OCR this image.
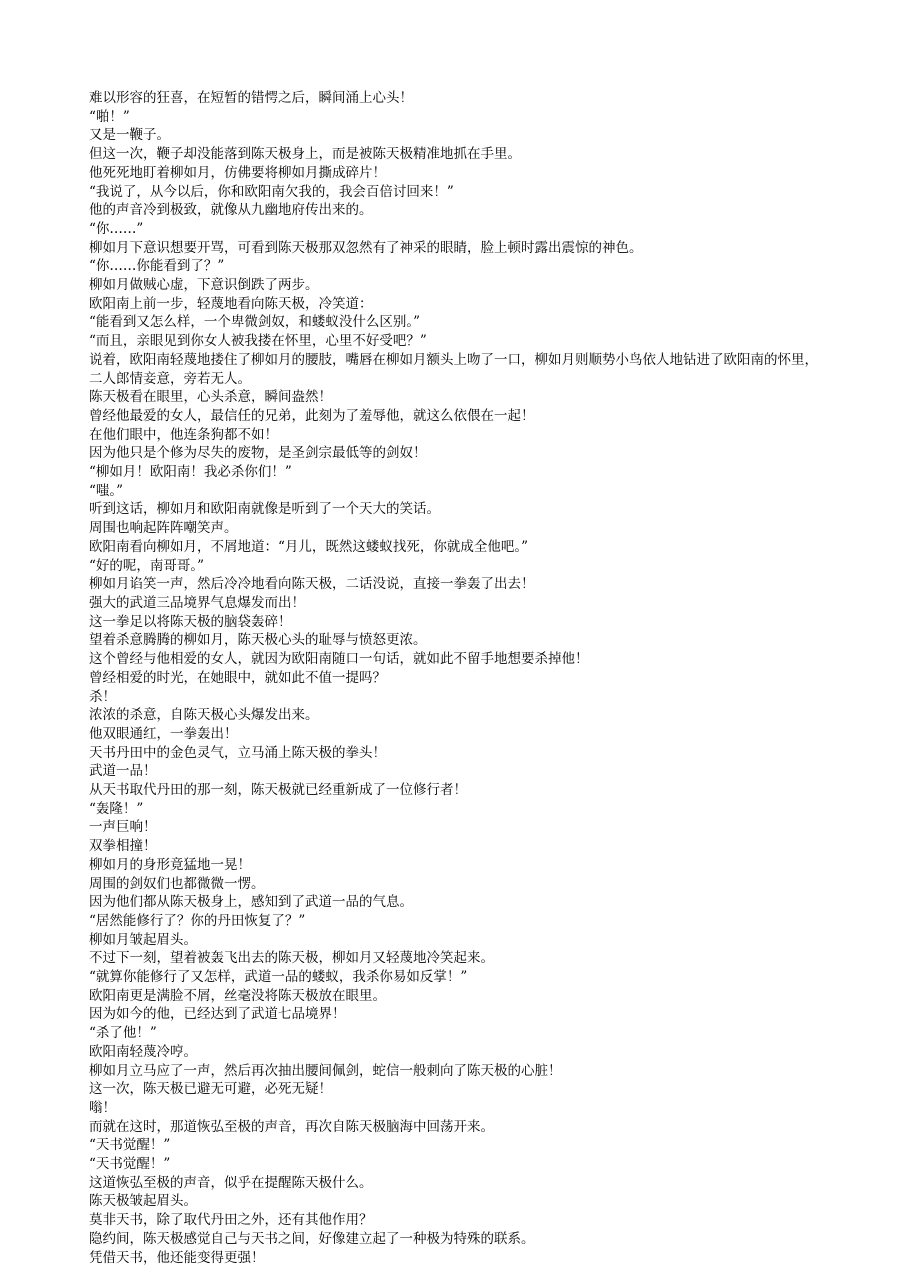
难以形容的狂喜，在短暂的错愕之后，瞬间涌上心头！
“啪！”
又是一鞭子。
但这一次，鞭子却没能落到陈天极身上，而是被陈天极精准地抓在手里。
他死死地盯着柳如月，仿佛要将柳如月撕成碎片！
“我说了，从今以后，你和欧阳南欠我的，我会百倍讨回来！”
他的声音冷到极致，就像从九幽地府传出来的。
“你……”
柳如月下意识想要开骂，可看到陈天极那双忽然有了神采的眼睛，脸上顿时露出震惊的神色。
“你……你能看到了？”
柳如月做贼心虚，下意识倒跌了两步。
欧阳南上前一步，轻蔑地看向陈天极，冷笑道：
“能看到又怎么样，一个卑微剑奴，和蝼蚁没什么区别。”
“而且，亲眼见到你女人被我搂在怀里，心里不好受吧？”
说着，欧阳南轻蔑地搂住了柳如月的腰肢，嘴唇在柳如月额头上吻了一口，柳如月则顺势小鸟依人地钻进了欧阳南的怀里，二人郎情妾意，旁若无人。
陈天极看在眼里，心头杀意，瞬间盎然！
曾经他最爱的女人，最信任的兄弟，此刻为了羞辱他，就这么依偎在一起！
在他们眼中，他连条狗都不如！
因为他只是个修为尽失的废物，是圣剑宗最低等的剑奴！
“柳如月！欧阳南！我必杀你们！”
“嗤。”
听到这话，柳如月和欧阳南就像是听到了一个天大的笑话。
周围也响起阵阵嘲笑声。
欧阳南看向柳如月，不屑地道：“月儿，既然这蝼蚁找死，你就成全他吧。”
“好的呢，南哥哥。”
柳如月谄笑一声，然后冷冷地看向陈天极，二话没说，直接一拳轰了出去！
强大的武道三品境界气息爆发而出！
这一拳足以将陈天极的脑袋轰碎！
望着杀意腾腾的柳如月，陈天极心头的耻辱与愤怒更浓。
这个曾经与他相爱的女人，就因为欧阳南随口一句话，就如此不留手地想要杀掉他！
曾经相爱的时光，在她眼中，就如此不值一提吗？
杀！
浓浓的杀意，自陈天极心头爆发出来。
他双眼通红，一拳轰出！
天书丹田中的金色灵气，立马涌上陈天极的拳头！
武道一品！
从天书取代丹田的那一刻，陈天极就已经重新成了一位修行者！
“轰隆！”
一声巨响！
双拳相撞！
柳如月的身形竟猛地一晃！
周围的剑奴们也都微微一愣。
因为他们都从陈天极身上，感知到了武道一品的气息。
“居然能修行了？你的丹田恢复了？”
柳如月皱起眉头。
不过下一刻，望着被轰飞出去的陈天极，柳如月又轻蔑地冷笑起来。
“就算你能修行了又怎样，武道一品的蝼蚁，我杀你易如反掌！”
欧阳南更是满脸不屑，丝毫没将陈天极放在眼里。
因为如今的他，已经达到了武道七品境界！
“杀了他！”
欧阳南轻蔑冷哼。
柳如月立马应了一声，然后再次抽出腰间佩剑，蛇信一般刺向了陈天极的心脏！
这一次，陈天极已避无可避，必死无疑！
嗡！
而就在这时，那道恢弘至极的声音，再次自陈天极脑海中回荡开来。
“天书觉醒！”
“天书觉醒！”
这道恢弘至极的声音，似乎在提醒陈天极什么。
陈天极皱起眉头。
莫非天书，除了取代丹田之外，还有其他作用？
隐约间，陈天极感觉自己与天书之间，好像建立起了一种极为特殊的联系。
凭借天书，他还能变得更强！
